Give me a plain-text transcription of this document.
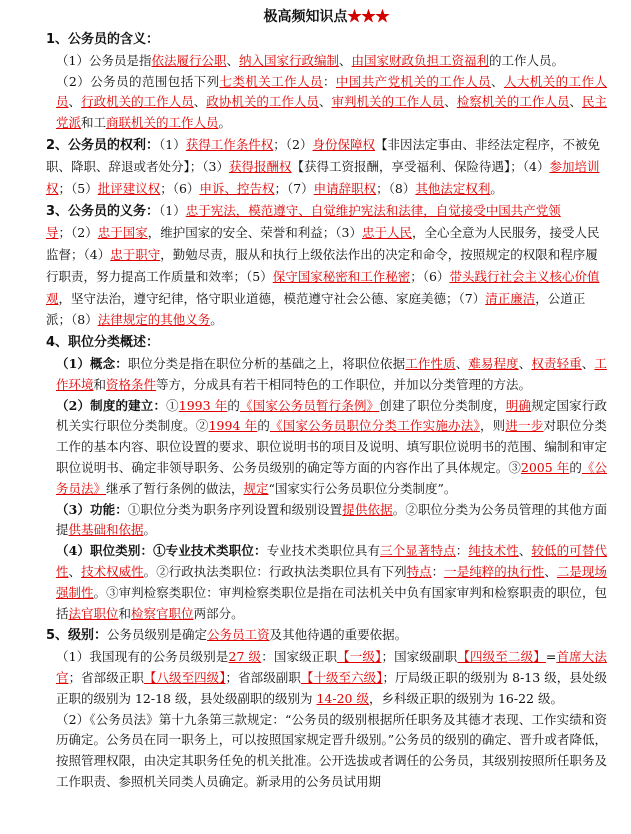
极高频知识点★★★

1、公务员的含义：

（1）公务员是指依法履行公职、纳入国家行政编制、由国家财政负担工资福利的工作人员。

（2）公务员的范围包括下列七类机关工作人员：中国共产党机关的工作人员、人大机关的工作人员、行政机关的工作人员、政协机关的工作人员、审判机关的工作人员、检察机关的工作人员、民主党派和工商联机关的工作人员。

2、公务员的权利：（1）获得工作条件权；（2）身份保障权【非因法定事由、非经法定程序，不被免职、降职、辞退或者处分】；（3）获得报酬权【获得工资报酬，享受福利、保险待遇】；（4）参加培训权；（5）批评建议权；（6）申诉、控告权；（7）申请辞职权；（8）其他法定权利。

3、公务员的义务：（1）忠于宪法，模范遵守、自觉维护宪法和法律，自觉接受中国共产党领导；（2）忠于国家，维护国家的安全、荣誉和利益；（3）忠于人民，全心全意为人民服务，接受人民监督；（4）忠于职守，勤勉尽责，服从和执行上级依法作出的决定和命令，按照规定的权限和程序履行职责，努力提高工作质量和效率；（5）保守国家秘密和工作秘密；（6）带头践行社会主义核心价值观，坚守法治，遵守纪律，恪守职业道德，模范遵守社会公德、家庭美德；（7）清正廉洁，公道正派；（8）法律规定的其他义务。

4、职位分类概述：

（1）概念：职位分类是指在职位分析的基础之上，将职位依据工作性质、难易程度、权责轻重、工作环境和资格条件等方，分成具有若干相同特色的工作职位，并加以分类管理的方法。

（2）制度的建立：①1993 年的《国家公务员暂行条例》创建了职位分类制度，明确规定国家行政机关实行职位分类制度。②1994 年的《国家公务员职位分类工作实施办法》，则进一步对职位分类工作的基本内容、职位设置的要求、职位说明书的项目及说明、填写职位说明书的范围、编制和审定职位说明书、确定非领导职务、公务员级别的确定等方面的内容作出了具体规定。③2005 年的《公务员法》继承了暂行条例的做法，规定“国家实行公务员职位分类制度”。

（3）功能：①职位分类为职务序列设置和级别设置提供依据。②职位分类为公务员管理的其他方面提供基础和依据。

（4）职位类别：①专业技术类职位：专业技术类职位具有三个显著特点：纯技术性、较低的可替代性、技术权威性。②行政执法类职位：行政执法类职位具有下列特点：一是纯粹的执行性、二是现场强制性。③审判检察类职位：审判检察类职位是指在司法机关中负有国家审判和检察职责的职位，包括法官职位和检察官职位两部分。

5、级别：公务员级别是确定公务员工资及其他待遇的重要依据。

（1）我国现有的公务员级别是27 级：国家级正职【一级】；国家级副职【四级至二级】=首席大法官；省部级正职【八级至四级】；省部级副职【十级至六级】；厅局级正职的级别为 8-13 级，县处级正职的级别为 12-18 级，县处级副职的级别为 14-20 级，乡科级正职的级别为 16-22 级。

（2）《公务员法》第十九条第三款规定：“公务员的级别根据所任职务及其德才表现、工作实绩和资历确定。公务员在同一职务上，可以按照国家规定晋升级别。”公务员的级别的确定、晋升或者降低，按照管理权限，由决定其职务任免的机关批准。公开选拔或者调任的公务员，其级别按照所任职务及工作职责、参照机关同类人员确定。新录用的公务员试用期
